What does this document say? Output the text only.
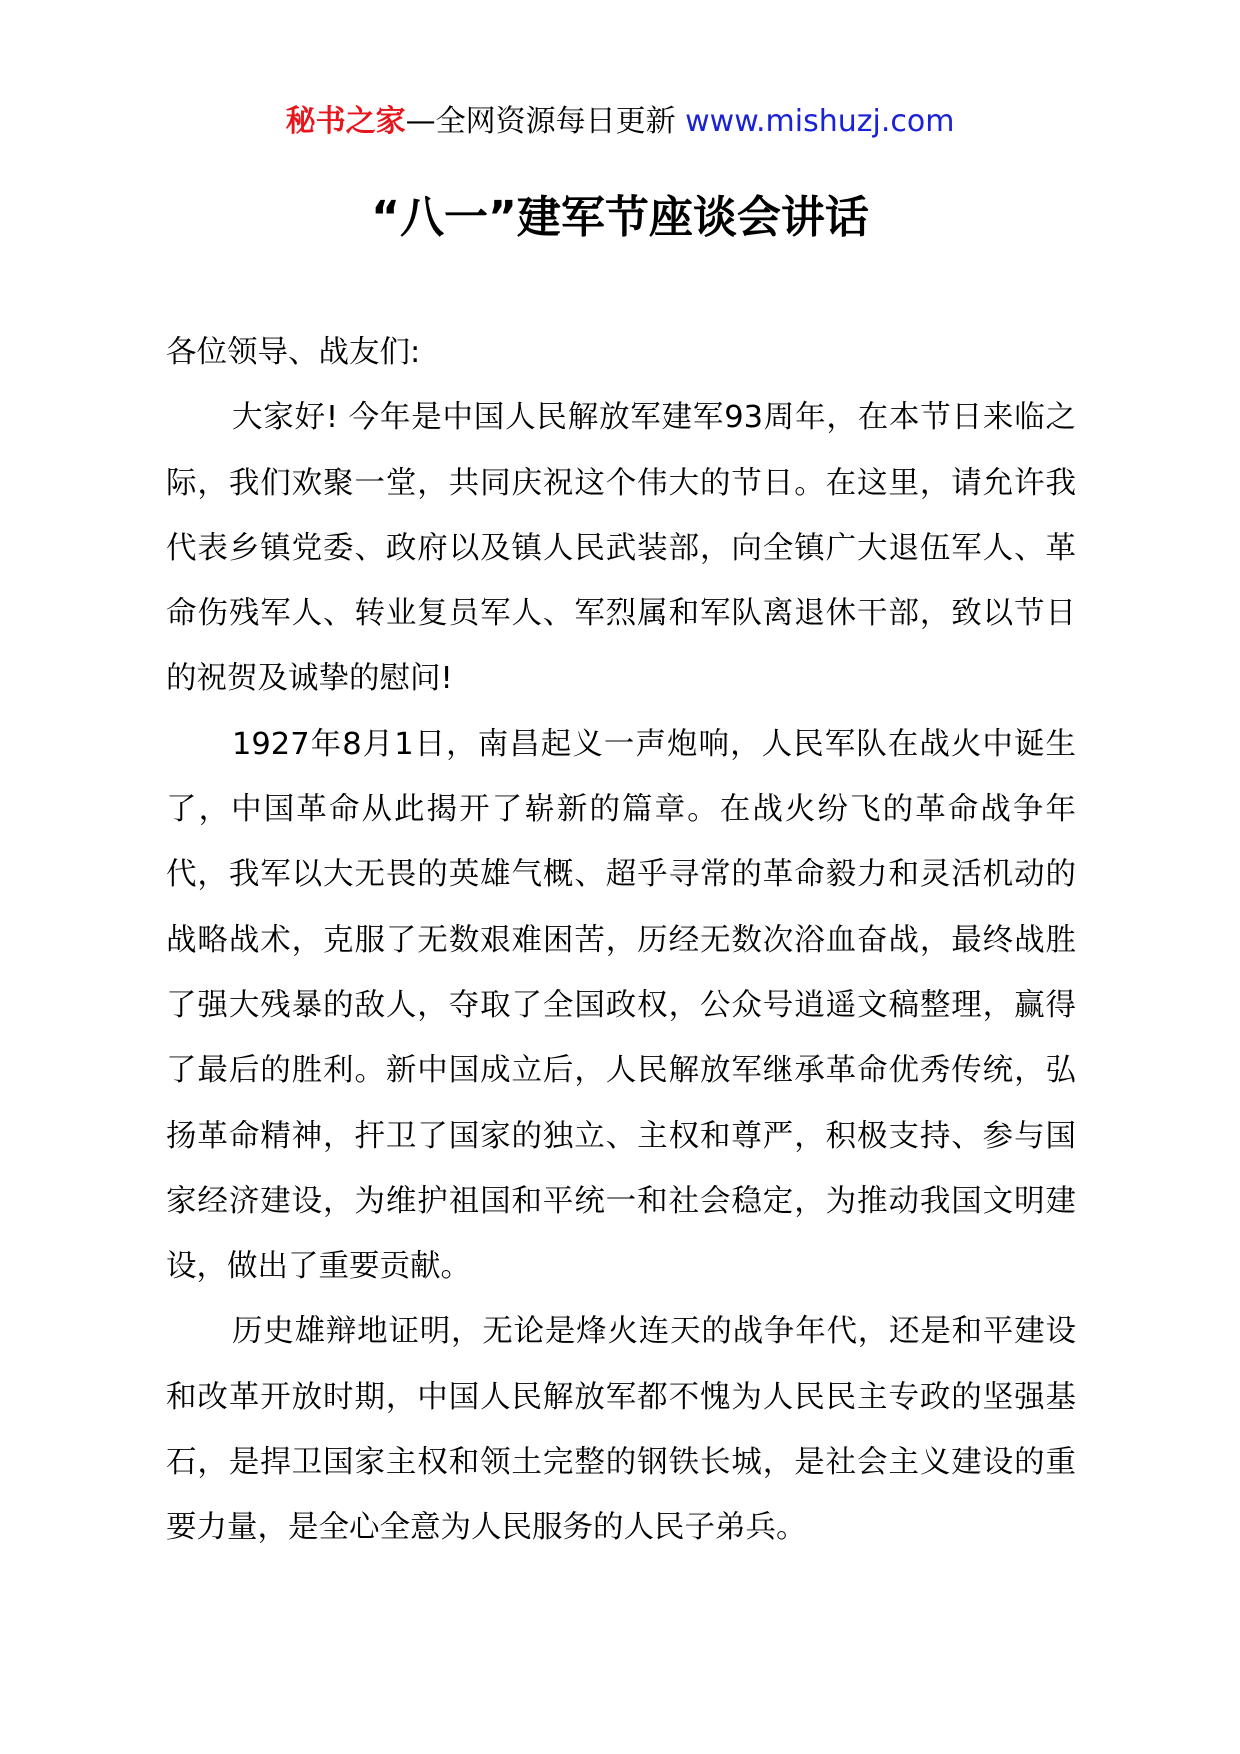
秘书之家—全网资源每日更新 www.mishuzj.com
“八一”建军节座谈会讲话

各位领导、战友们:

大家好! 今年是中国人民解放军建军93周年，在本节日来临之际，我们欢聚一堂，共同庆祝这个伟大的节日。在这里，请允许我代表乡镇党委、政府以及镇人民武装部，向全镇广大退伍军人、革命伤残军人、转业复员军人、军烈属和军队离退休干部，致以节日的祝贺及诚挚的慰问!

1927年8月1日，南昌起义一声炮响，人民军队在战火中诞生了，中国革命从此揭开了崭新的篇章。在战火纷飞的革命战争年代，我军以大无畏的英雄气概、超乎寻常的革命毅力和灵活机动的战略战术，克服了无数艰难困苦，历经无数次浴血奋战，最终战胜了强大残暴的敌人，夺取了全国政权，公众号逍遥文稿整理，赢得了最后的胜利。新中国成立后，人民解放军继承革命优秀传统，弘扬革命精神，扞卫了国家的独立、主权和尊严，积极支持、参与国家经济建设，为维护祖国和平统一和社会稳定，为推动我国文明建设，做出了重要贡献。

历史雄辩地证明，无论是烽火连天的战争年代，还是和平建设和改革开放时期，中国人民解放军都不愧为人民民主专政的坚强基石，是捍卫国家主权和领土完整的钢铁长城，是社会主义建设的重要力量，是全心全意为人民服务的人民子弟兵。
